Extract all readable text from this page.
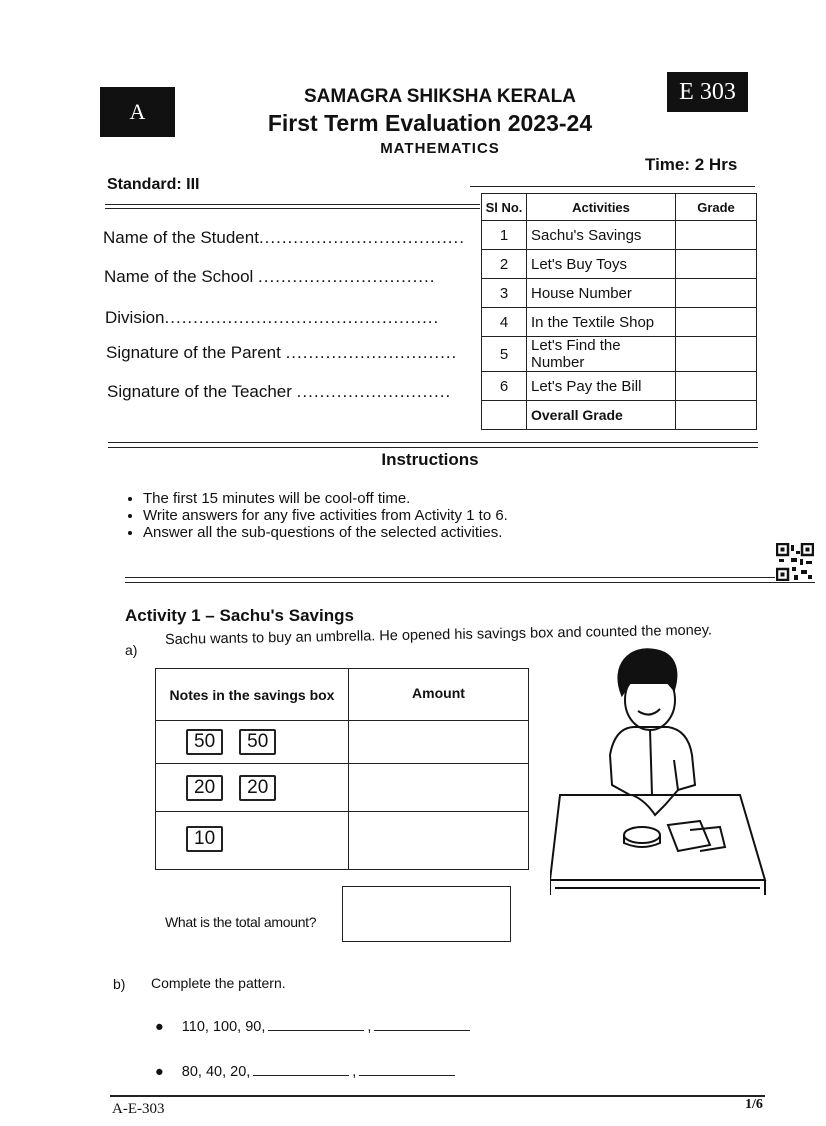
A
E 303
SAMAGRA SHIKSHA KERALA
First Term Evaluation 2023-24
MATHEMATICS
Time: 2 Hrs
Standard: III
Name of the Student....................................
Name of the School ...............................
Division................................................
Signature of the Parent ..............................
Signature of the Teacher ...........................
Sl No.	Activities	Grade
1	Sachu's Savings	
2	Let's Buy Toys	
3	House Number	
4	In the Textile Shop	
5	Let's Find the Number	
6	Let's Pay the Bill	
	Overall Grade	
Instructions
• The first 15 minutes will be cool-off time.
• Write answers for any five activities from Activity 1 to 6.
• Answer all the sub-questions of the selected activities.
Activity 1 – Sachu's Savings
a)
Sachu wants to buy an umbrella. He opened his savings box and counted the money.
Notes in the savings box	Amount
50 50	
20 20	
10	
What is the total amount?
b) Complete the pattern.
● 110, 100, 90,	,
● 80, 40, 20,	,
A-E-303	1/6
